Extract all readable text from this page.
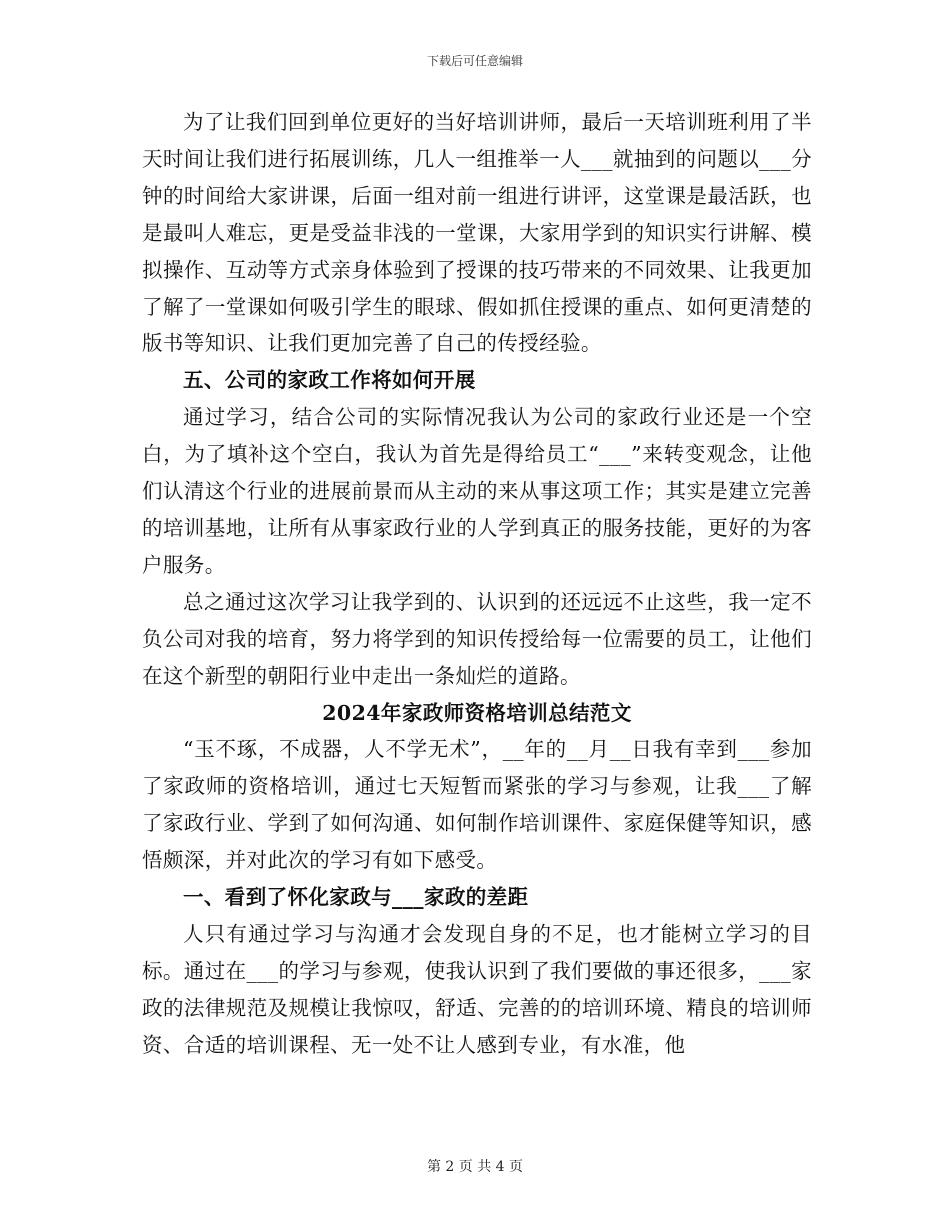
下载后可任意编辑

为了让我们回到单位更好的当好培训讲师，最后一天培训班利用了半天时间让我们进行拓展训练，几人一组推举一人___就抽到的问题以___分钟的时间给大家讲课，后面一组对前一组进行讲评，这堂课是最活跃，也是最叫人难忘，更是受益非浅的一堂课，大家用学到的知识实行讲解、模拟操作、互动等方式亲身体验到了授课的技巧带来的不同效果、让我更加了解了一堂课如何吸引学生的眼球、假如抓住授课的重点、如何更清楚的版书等知识、让我们更加完善了自己的传授经验。

五、公司的家政工作将如何开展

通过学习，结合公司的实际情况我认为公司的家政行业还是一个空白，为了填补这个空白，我认为首先是得给员工“___”来转变观念，让他们认清这个行业的进展前景而从主动的来从事这项工作；其实是建立完善的培训基地，让所有从事家政行业的人学到真正的服务技能，更好的为客户服务。

总之通过这次学习让我学到的、认识到的还远远不止这些，我一定不负公司对我的培育，努力将学到的知识传授给每一位需要的员工，让他们在这个新型的朝阳行业中走出一条灿烂的道路。

2024年家政师资格培训总结范文

“玉不琢，不成器，人不学无术”，__年的__月__日我有幸到___参加了家政师的资格培训，通过七天短暂而紧张的学习与参观，让我___了解了家政行业、学到了如何沟通、如何制作培训课件、家庭保健等知识，感悟颇深，并对此次的学习有如下感受。

一、看到了怀化家政与___家政的差距

人只有通过学习与沟通才会发现自身的不足，也才能树立学习的目标。通过在___的学习与参观，使我认识到了我们要做的事还很多，___家政的法律规范及规模让我惊叹，舒适、完善的的培训环境、精良的培训师资、合适的培训课程、无一处不让人感到专业，有水准，他

第 2 页 共 4 页
